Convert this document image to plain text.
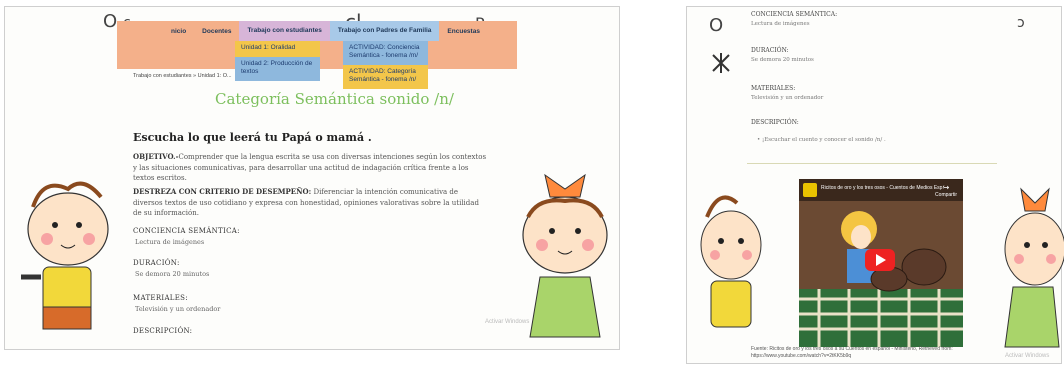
O	nicio	Docentes	Trabajo con estudiantes	Trabajo con Padres de Familia	Encuestas
Unidad 1: Oralidad
Unidad 2: Producción de textos
ACTIVIDAD: Conciencia Semántica - fonema /m/
ACTIVIDAD: Categoría Semántica - fonema /n/
Trabajo con estudiantes » Unidad 1: O...
Categoría Semántica sonido /n/
Escucha lo que leerá tu Papá o mamá .
OBJETIVO.-Comprender que la lengua escrita se usa con diversas intenciones según los contextos y las situaciones comunicativas, para desarrollar una actitud de indagación crítica frente a los textos escritos.
DESTREZA CON CRITERIO DE DESEMPEÑO: Diferenciar la intención comunicativa de diversos textos de uso cotidiano y expresa con honestidad, opiniones valorativas sobre la utilidad de su información.
CONCIENCIA SEMÁNTICA:
Lectura de imágenes
DURACIÓN:
Se demora 20 minutos
MATERIALES:
Televisión y un ordenador
DESCRIPCIÓN:
Activar Windows
O	ↄ
CONCIENCIA SEMÁNTICA:
Lectura de imágenes
DURACIÓN:
Se demora 20 minutos
MATERIALES:
Televisión y un ordenador
DESCRIPCIÓN:
• ¡Escuchar el cuento y conocer el sonido /n/ .
Ricitos de oro y los tres osos - Cuentos de Medios Esp.
↪
Compartir
Fuente: Ricitos de oro y los tres osos a su Cuentos en español - Ministerio, Retrieved from: https://www.youtube.com/watch?v=2tKK5b9q	Activar Windows
